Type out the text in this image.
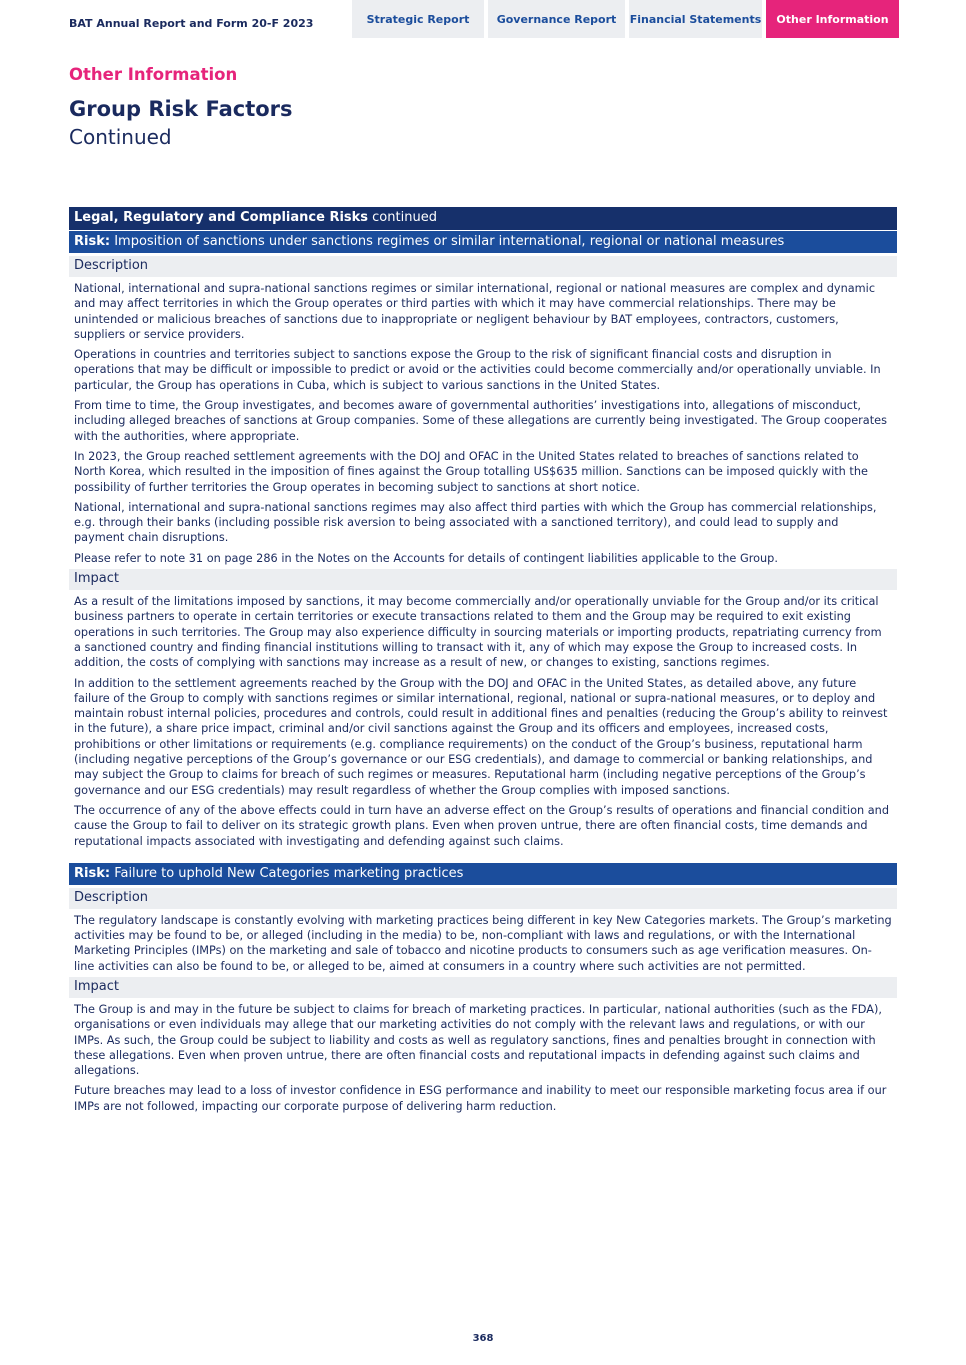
BAT Annual Report and Form 20-F 2023	Strategic Report	Governance Report	Financial Statements	Other Information
Other Information
Group Risk Factors
Continued
Legal, Regulatory and Compliance Risks continued
Risk: Imposition of sanctions under sanctions regimes or similar international, regional or national measures
Description

National, international and supra-national sanctions regimes or similar international, regional or national measures are complex and dynamic and may affect territories in which the Group operates or third parties with which it may have commercial relationships. There may be unintended or malicious breaches of sanctions due to inappropriate or negligent behaviour by BAT employees, contractors, customers, suppliers or service providers.

Operations in countries and territories subject to sanctions expose the Group to the risk of significant financial costs and disruption in operations that may be difficult or impossible to predict or avoid or the activities could become commercially and/or operationally unviable. In particular, the Group has operations in Cuba, which is subject to various sanctions in the United States.

From time to time, the Group investigates, and becomes aware of governmental authorities’ investigations into, allegations of misconduct, including alleged breaches of sanctions at Group companies. Some of these allegations are currently being investigated. The Group cooperates with the authorities, where appropriate.

In 2023, the Group reached settlement agreements with the DOJ and OFAC in the United States related to breaches of sanctions related to North Korea, which resulted in the imposition of fines against the Group totalling US$635 million. Sanctions can be imposed quickly with the possibility of further territories the Group operates in becoming subject to sanctions at short notice.

National, international and supra-national sanctions regimes may also affect third parties with which the Group has commercial relationships, e.g. through their banks (including possible risk aversion to being associated with a sanctioned territory), and could lead to supply and payment chain disruptions.

Please refer to note 31 on page 286 in the Notes on the Accounts for details of contingent liabilities applicable to the Group.

Impact

As a result of the limitations imposed by sanctions, it may become commercially and/or operationally unviable for the Group and/or its critical business partners to operate in certain territories or execute transactions related to them and the Group may be required to exit existing operations in such territories. The Group may also experience difficulty in sourcing materials or importing products, repatriating currency from a sanctioned country and finding financial institutions willing to transact with it, any of which may expose the Group to increased costs. In addition, the costs of complying with sanctions may increase as a result of new, or changes to existing, sanctions regimes.

In addition to the settlement agreements reached by the Group with the DOJ and OFAC in the United States, as detailed above, any future failure of the Group to comply with sanctions regimes or similar international, regional, national or supra-national measures, or to deploy and maintain robust internal policies, procedures and controls, could result in additional fines and penalties (reducing the Group’s ability to reinvest in the future), a share price impact, criminal and/or civil sanctions against the Group and its officers and employees, increased costs, prohibitions or other limitations or requirements (e.g. compliance requirements) on the conduct of the Group’s business, reputational harm (including negative perceptions of the Group’s governance or our ESG credentials), and damage to commercial or banking relationships, and may subject the Group to claims for breach of such regimes or measures. Reputational harm (including negative perceptions of the Group’s governance and our ESG credentials) may result regardless of whether the Group complies with imposed sanctions.

The occurrence of any of the above effects could in turn have an adverse effect on the Group’s results of operations and financial condition and cause the Group to fail to deliver on its strategic growth plans. Even when proven untrue, there are often financial costs, time demands and reputational impacts associated with investigating and defending against such claims.

Risk: Failure to uphold New Categories marketing practices
Description

The regulatory landscape is constantly evolving with marketing practices being different in key New Categories markets. The Group’s marketing activities may be found to be, or alleged (including in the media) to be, non-compliant with laws and regulations, or with the International Marketing Principles (IMPs) on the marketing and sale of tobacco and nicotine products to consumers such as age verification measures. On-line activities can also be found to be, or alleged to be, aimed at consumers in a country where such activities are not permitted.

Impact

The Group is and may in the future be subject to claims for breach of marketing practices. In particular, national authorities (such as the FDA), organisations or even individuals may allege that our marketing activities do not comply with the relevant laws and regulations, or with our IMPs. As such, the Group could be subject to liability and costs as well as regulatory sanctions, fines and penalties brought in connection with these allegations. Even when proven untrue, there are often financial costs and reputational impacts in defending against such claims and allegations.

Future breaches may lead to a loss of investor confidence in ESG performance and inability to meet our responsible marketing focus area if our IMPs are not followed, impacting our corporate purpose of delivering harm reduction.

368
